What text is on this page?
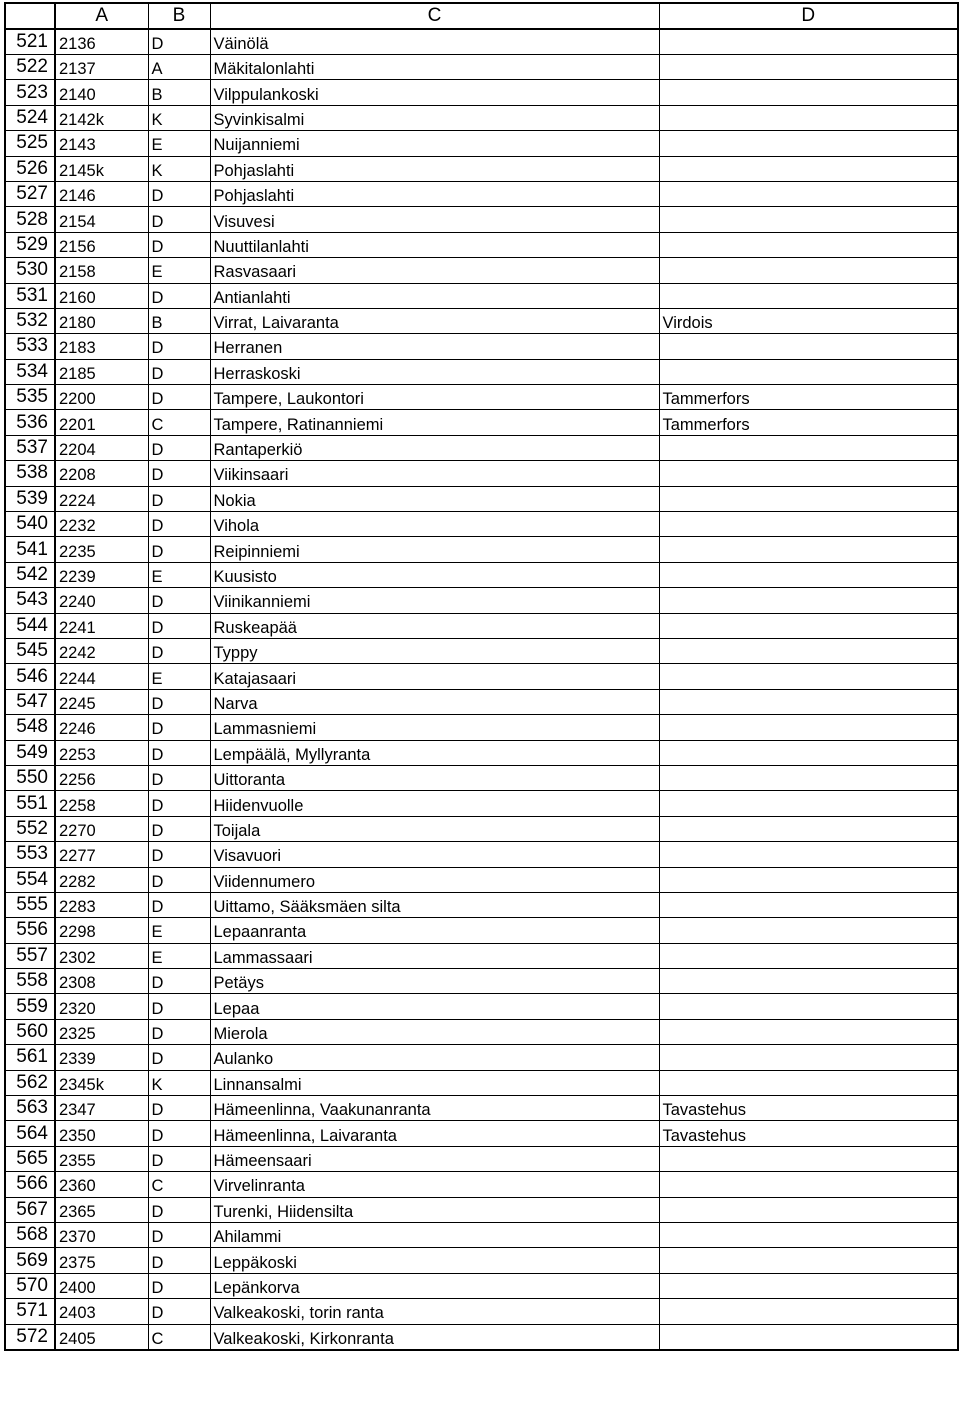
	A	B	C	D
521	2136	D	Väinölä	
522	2137	A	Mäkitalonlahti	
523	2140	B	Vilppulankoski	
524	2142k	K	Syvinkisalmi	
525	2143	E	Nuijanniemi	
526	2145k	K	Pohjaslahti	
527	2146	D	Pohjaslahti	
528	2154	D	Visuvesi	
529	2156	D	Nuuttilanlahti	
530	2158	E	Rasvasaari	
531	2160	D	Antianlahti	
532	2180	B	Virrat, Laivaranta	Virdois
533	2183	D	Herranen	
534	2185	D	Herraskoski	
535	2200	D	Tampere, Laukontori	Tammerfors
536	2201	C	Tampere, Ratinanniemi	Tammerfors
537	2204	D	Rantaperkiö	
538	2208	D	Viikinsaari	
539	2224	D	Nokia	
540	2232	D	Vihola	
541	2235	D	Reipinniemi	
542	2239	E	Kuusisto	
543	2240	D	Viinikanniemi	
544	2241	D	Ruskeapää	
545	2242	D	Typpy	
546	2244	E	Katajasaari	
547	2245	D	Narva	
548	2246	D	Lammasniemi	
549	2253	D	Lempäälä, Myllyranta	
550	2256	D	Uittoranta	
551	2258	D	Hiidenvuolle	
552	2270	D	Toijala	
553	2277	D	Visavuori	
554	2282	D	Viidennumero	
555	2283	D	Uittamo, Sääksmäen silta	
556	2298	E	Lepaanranta	
557	2302	E	Lammassaari	
558	2308	D	Petäys	
559	2320	D	Lepaa	
560	2325	D	Mierola	
561	2339	D	Aulanko	
562	2345k	K	Linnansalmi	
563	2347	D	Hämeenlinna, Vaakunanranta	Tavastehus
564	2350	D	Hämeenlinna, Laivaranta	Tavastehus
565	2355	D	Hämeensaari	
566	2360	C	Virvelinranta	
567	2365	D	Turenki, Hiidensilta	
568	2370	D	Ahilammi	
569	2375	D	Leppäkoski	
570	2400	D	Lepänkorva	
571	2403	D	Valkeakoski, torin ranta	
572	2405	C	Valkeakoski, Kirkonranta	
